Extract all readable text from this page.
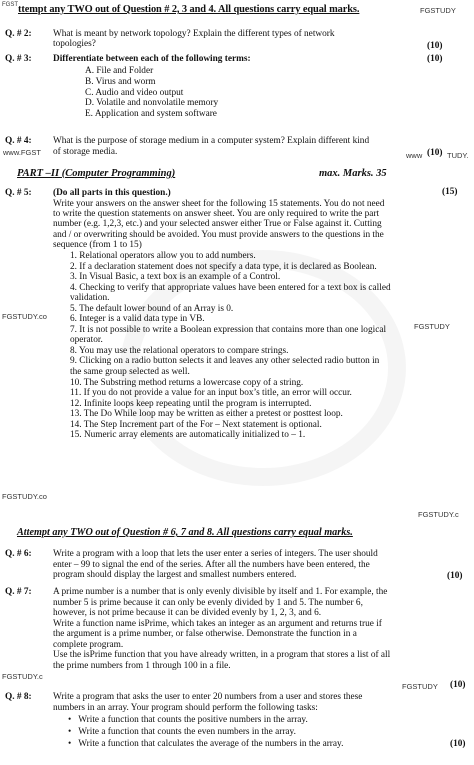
FGST ttempt any TWO out of Question # 2, 3 and 4. All questions carry equal marks.	FGSTUDY
Q. # 2: What is meant by network topology? Explain the different types of network
topologies?	(10)
Q. # 3: Differentiate between each of the following terms:	(10)
A. File and Folder
B. Virus and worm
C. Audio and video output
D. Volatile and nonvolatile memory
E. Application and system software
Q. # 4: What is the purpose of storage medium in a computer system? Explain different kind
www.FGST of storage media.	www (10) TUDY.
PART –II (Computer Programming)	max. Marks. 35
Q. # 5: (Do all parts in this question.)	(15)
Write your answers on the answer sheet for the following 15 statements. You do not need
to write the question statements on answer sheet. You are only required to write the part
number (e.g. 1,2,3, etc.) and your selected answer either True or False against it. Cutting
and / or overwriting should be avoided. You must provide answers to the questions in the
sequence (from 1 to 15)
1. Relational operators allow you to add numbers.
2. If a declaration statement does not specify a data type, it is declared as Boolean.
3. In Visual Basic, a text box is an example of a Control.
4. Checking to verify that appropriate values have been entered for a text box is called
validation.
5. The default lower bound of an Array is 0.
6. Integer is a valid data type in VB.
7. It is not possible to write a Boolean expression that contains more than one logical
operator.
8. You may use the relational operators to compare strings.
9. Clicking on a radio button selects it and leaves any other selected radio button in
the same group selected as well.
10. The Substring method returns a lowercase copy of a string.
11. If you do not provide a value for an input box’s title, an error will occur.
12. Infinite loops keep repeating until the program is interrupted.
13. The Do While loop may be written as either a pretest or posttest loop.
14. The Step Increment part of the For – Next statement is optional.
15. Numeric array elements are automatically initialized to – 1.
FGSTUDY.co
FGSTUDY
FGSTUDY.co
FGSTUDY.c
Attempt any TWO out of Question # 6, 7 and 8. All questions carry equal marks.
Q. # 6: Write a program with a loop that lets the user enter a series of integers. The user should
enter – 99 to signal the end of the series. After all the numbers have been entered, the
program should display the largest and smallest numbers entered.	(10)
Q. # 7: A prime number is a number that is only evenly divisible by itself and 1. For example, the
number 5 is prime because it can only be evenly divided by 1 and 5. The number 6,
however, is not prime because it can be divided evenly by 1, 2, 3, and 6.
Write a function name isPrime, which takes an integer as an argument and returns true if
the argument is a prime number, or false otherwise. Demonstrate the function in a
complete program.
Use the isPrime function that you have already written, in a program that stores a list of all
the prime numbers from 1 through 100 in a file.
FGSTUDY.c
FGSTUDY (10)
Q. # 8: Write a program that asks the user to enter 20 numbers from a user and stores these
numbers in an array. Your program should perform the following tasks:
•   Write a function that counts the positive numbers in the array.
•   Write a function that counts the even numbers in the array.
•   Write a function that calculates the average of the numbers in the array.	(10)
